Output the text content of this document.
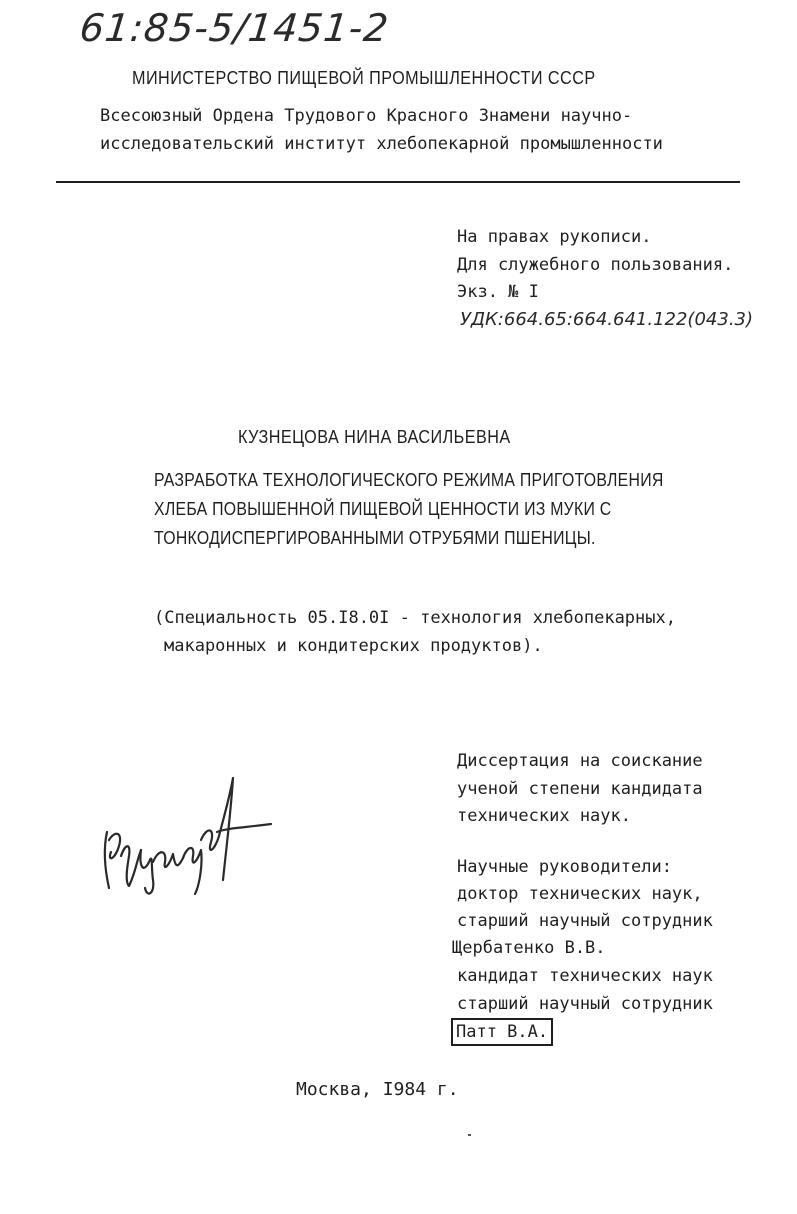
61:85-5/1451-2
МИНИСТЕРСТВО ПИЩЕВОЙ ПРОМЫШЛЕННОСТИ СССР
Всесоюзный Ордена Трудового Красного Знамени научно-
исследовательский институт хлебопекарной промышленности
На правах рукописи.
Для служебного пользования.
Экз. № I
УДК:664.65:664.641.122(043.3)
КУЗНЕЦОВА НИНА ВАСИЛЬЕВНА
РАЗРАБОТКА ТЕХНОЛОГИЧЕСКОГО РЕЖИМА ПРИГОТОВЛЕНИЯ
ХЛЕБА ПОВЫШЕННОЙ ПИЩЕВОЙ ЦЕННОСТИ ИЗ МУКИ С
ТОНКОДИСПЕРГИРОВАННЫМИ ОТРУБЯМИ ПШЕНИЦЫ.
(Специальность 05.I8.0I - технология хлебопекарных,
макаронных и кондитерских продуктов).
Диссертация на соискание
ученой степени кандидата
технических наук.
Научные руководители:
доктор технических наук,
старший научный сотрудник
Щербатенко В.В.
кандидат технических наук
старший научный сотрудник
Патт В.А.
Москва, I984 г.
